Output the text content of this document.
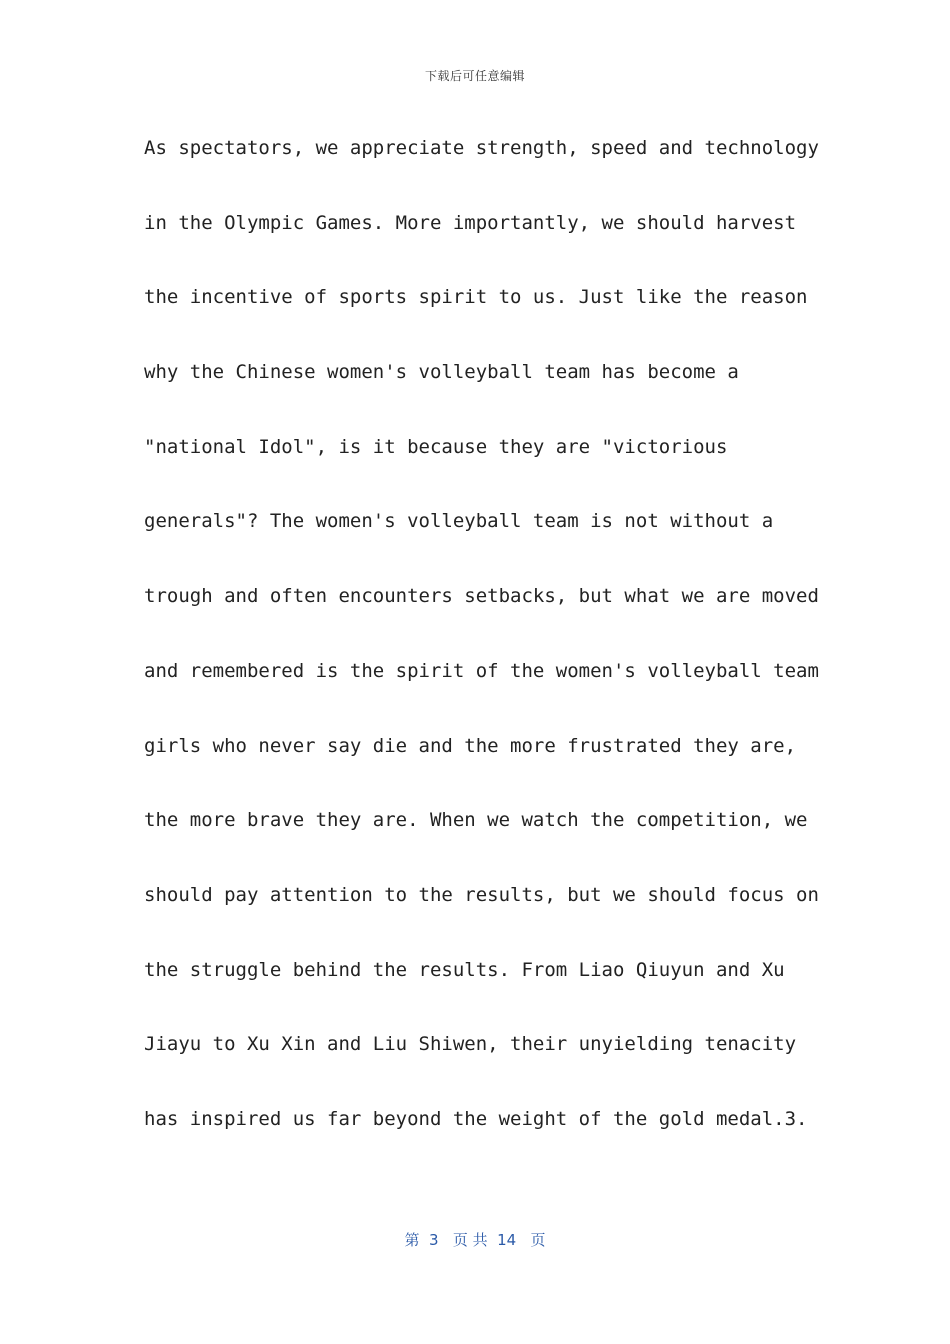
下载后可任意编辑
As spectators, we appreciate strength, speed and technology
in the Olympic Games. More importantly, we should harvest
the incentive of sports spirit to us. Just like the reason
why the Chinese women's volleyball team has become a
"national Idol", is it because they are "victorious
generals"? The women's volleyball team is not without a
trough and often encounters setbacks, but what we are moved
and remembered is the spirit of the women's volleyball team
girls who never say die and the more frustrated they are,
the more brave they are. When we watch the competition, we
should pay attention to the results, but we should focus on
the struggle behind the results. From Liao Qiuyun and Xu
Jiayu to Xu Xin and Liu Shiwen, their unyielding tenacity
has inspired us far beyond the weight of the gold medal.3.
第  3   页 共  14   页
